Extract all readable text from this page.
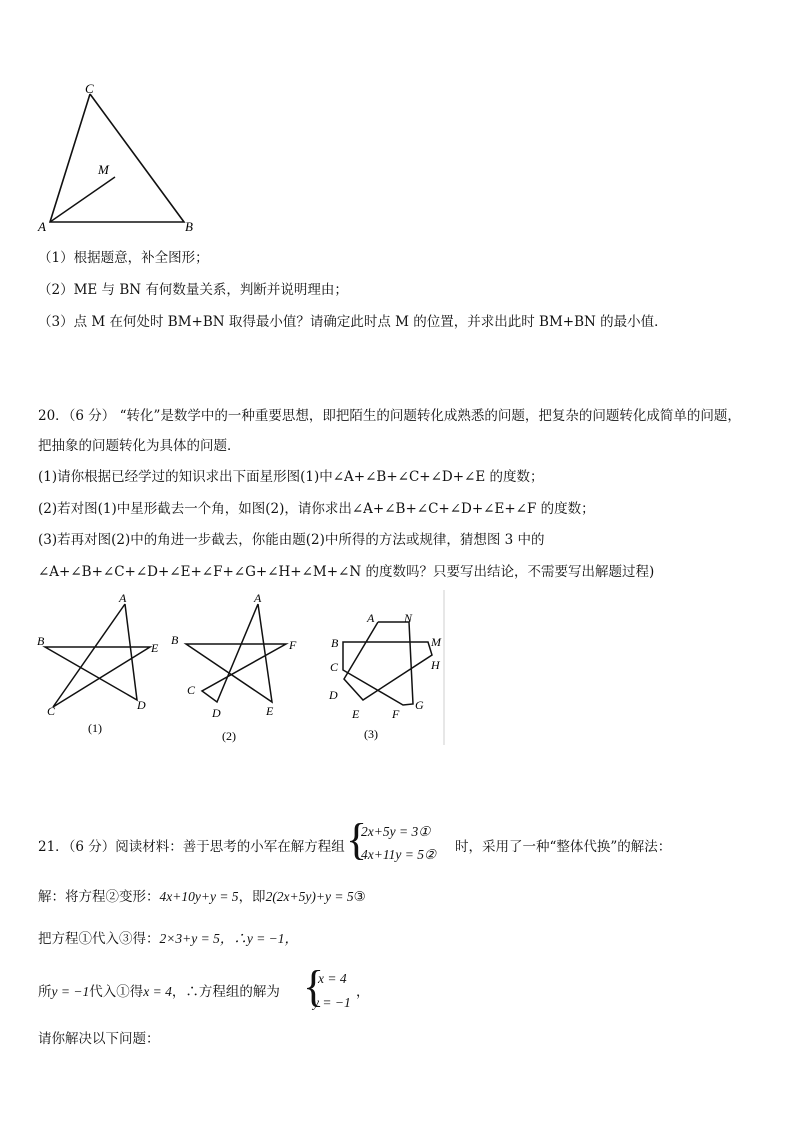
C
M
A	B
（1）根据题意，补全图形；
（2）ME 与 BN 有何数量关系，判断并说明理由；
（3）点 M 在何处时 BM+BN 取得最小值？请确定此时点 M 的位置，并求出此时 BM+BN 的最小值．
20．（6 分） “转化”是数学中的一种重要思想，即把陌生的问题转化成熟悉的问题，把复杂的问题转化成简单的问题，
把抽象的问题转化为具体的问题．
(1)请你根据已经学过的知识求出下面星形图(1)中∠A+∠B+∠C+∠D+∠E 的度数；
(2)若对图(1)中星形截去一个角，如图(2)，请你求出∠A+∠B+∠C+∠D+∠E+∠F 的度数；
(3)若再对图(2)中的角进一步截去，你能由题(2)中所得的方法或规律，猜想图 3 中的
∠A+∠B+∠C+∠D+∠E+∠F+∠G+∠H+∠M+∠N 的度数吗？只要写出结论，不需要写出解题过程)
A
B	E
C	D
(1)
A
B	F
C
D	E
(2)
A N
B	M
C	H
D
E	F
G
(3)
21．（6 分）阅读材料：善于思考的小军在解方程组 {
2x+5y = 3①
4x+11y = 5② 时，采用了一种“整体代换”的解法：
解：将方程②变形：4x+10y+y = 5，即2(2x+5y)+y = 5③
把方程①代入③得：2×3+y = 5，∴y = −1，
所y = −1代入①得x = 4，∴方程组的解为 {
x = 4
y = −1
，
请你解决以下问题：
